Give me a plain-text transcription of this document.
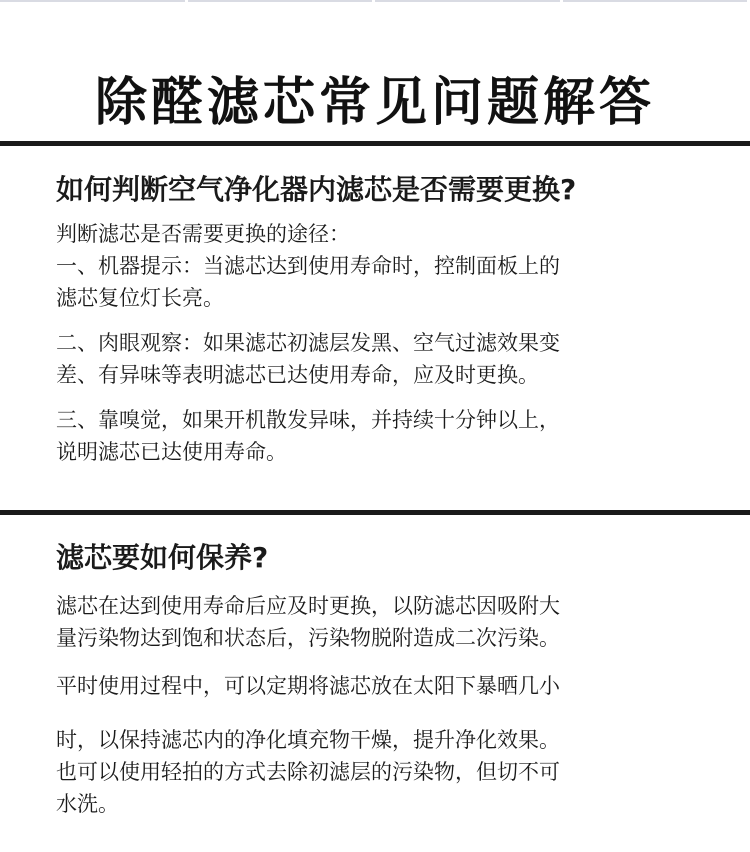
除醛滤芯常见问题解答
如何判断空气净化器内滤芯是否需要更换?

判断滤芯是否需要更换的途径：

一、机器提示：当滤芯达到使用寿命时，控制面板上的

滤芯复位灯长亮。

二、肉眼观察：如果滤芯初滤层发黑、空气过滤效果变

差、有异味等表明滤芯已达使用寿命，应及时更换。

三、靠嗅觉，如果开机散发异味，并持续十分钟以上，

说明滤芯已达使用寿命。

滤芯要如何保养?

滤芯在达到使用寿命后应及时更换，以防滤芯因吸附大

量污染物达到饱和状态后，污染物脱附造成二次污染。

平时使用过程中，可以定期将滤芯放在太阳下暴晒几小

时，以保持滤芯内的净化填充物干燥，提升净化效果。

也可以使用轻拍的方式去除初滤层的污染物，但切不可

水洗。
